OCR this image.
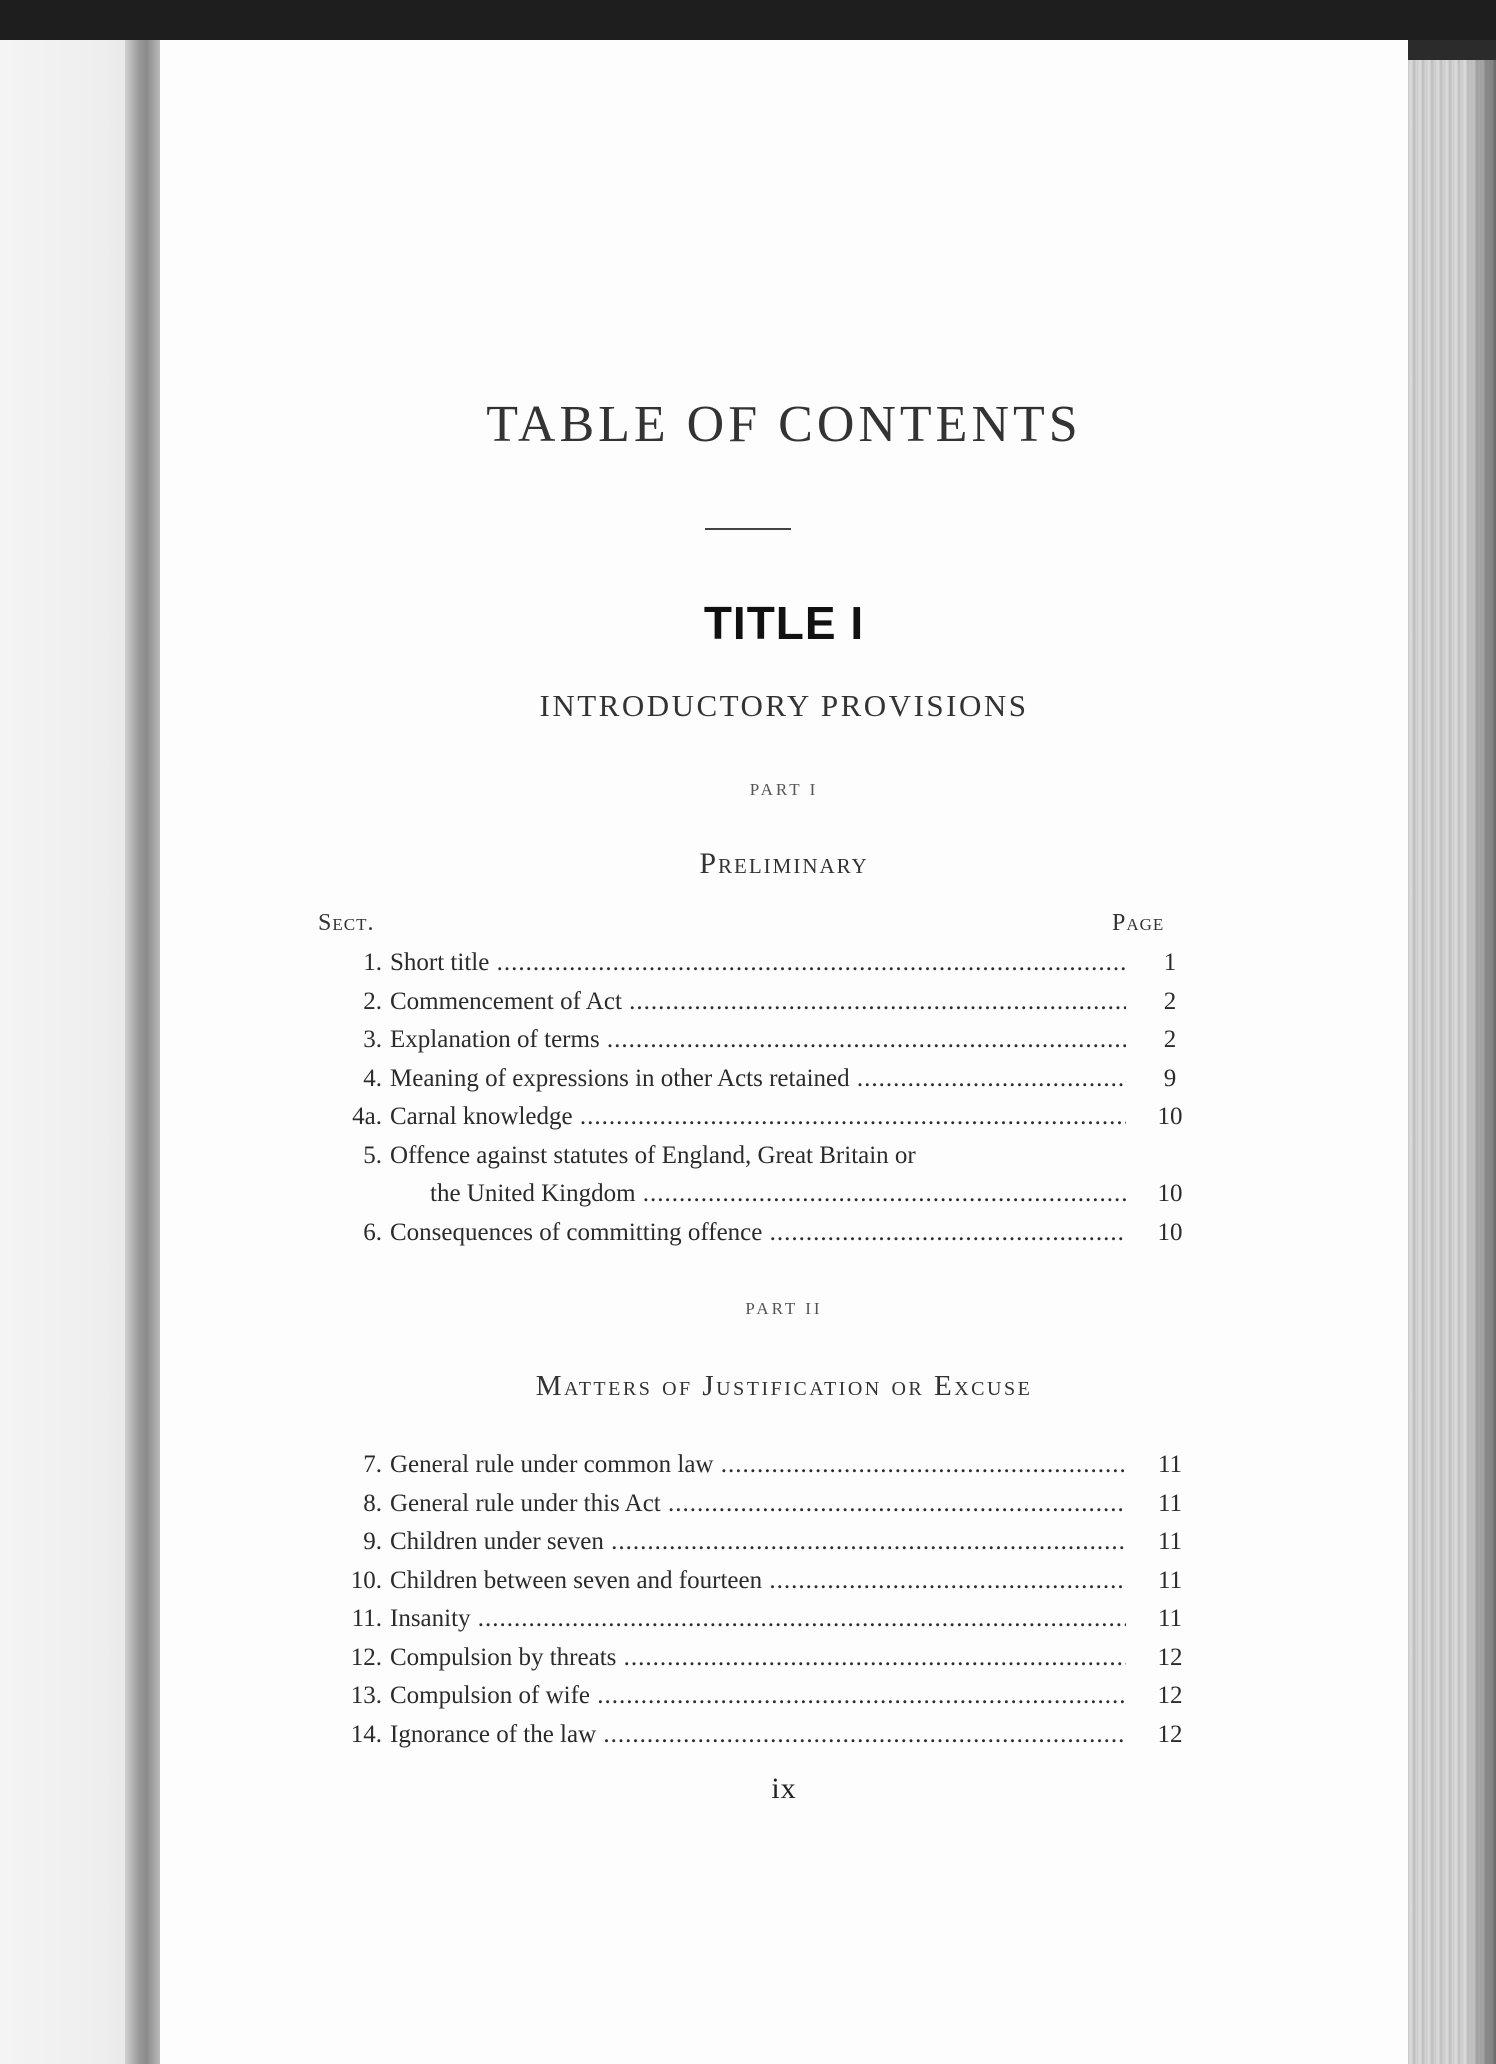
TABLE OF CONTENTS
TITLE I
INTRODUCTORY PROVISIONS
PART I
Preliminary
Sect.	Page
1. Short title .....	1
2. Commencement of Act .....	2
3. Explanation of terms .....	2
4. Meaning of expressions in other Acts retained .....	9
4a. Carnal knowledge .....	10
5. Offence against statutes of England, Great Britain or
the United Kingdom .....	10
6. Consequences of committing offence .....	10
PART II
Matters of Justification or Excuse
7. General rule under common law .....	11
8. General rule under this Act .....	11
9. Children under seven .....	11
10. Children between seven and fourteen .....	11
11. Insanity .....	11
12. Compulsion by threats .....	12
13. Compulsion of wife .....	12
14. Ignorance of the law .....	12
ix
